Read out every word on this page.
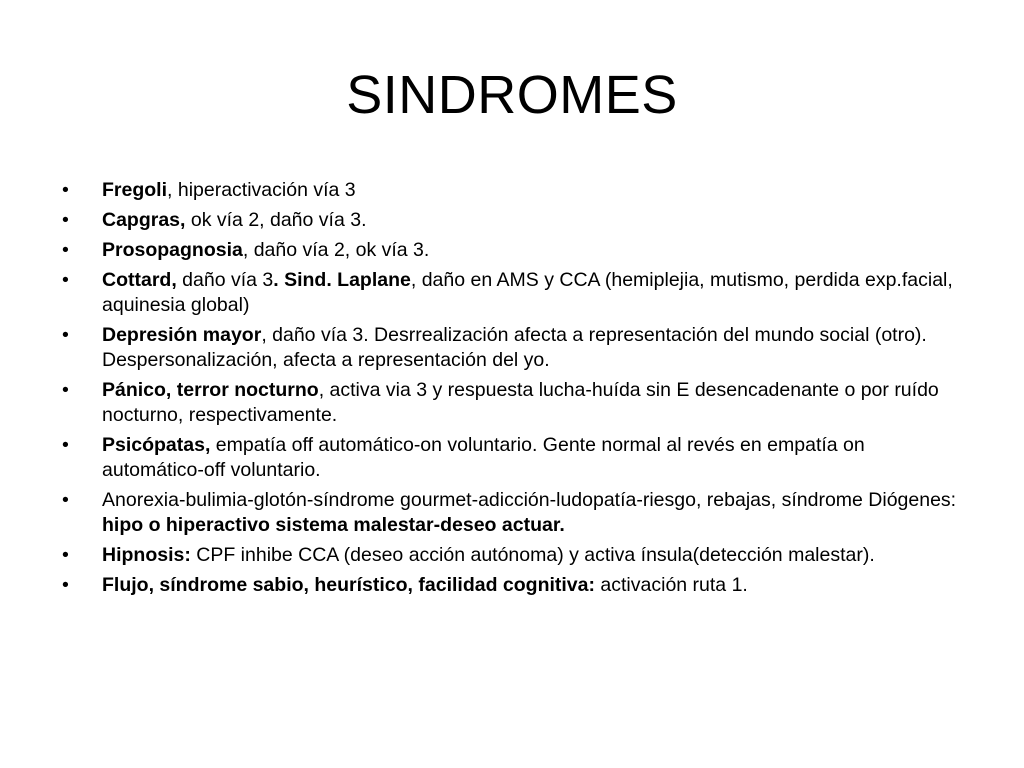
SINDROMES
•	Fregoli, hiperactivación vía 3
•	Capgras, ok vía 2, daño vía 3.
•	Prosopagnosia, daño vía 2, ok vía 3.
•	Cottard, daño vía 3. Sind. Laplane, daño en AMS y CCA (hemiplejia, mutismo, perdida exp.facial, aquinesia global)
•	Depresión mayor, daño vía 3. Desrrealización afecta a representación del mundo social (otro). Despersonalización, afecta a representación del yo.
•	Pánico, terror nocturno, activa via 3 y respuesta lucha-huída sin E desencadenante o por ruído nocturno, respectivamente.
•	Psicópatas, empatía off automático-on voluntario. Gente normal al revés en empatía on automático-off voluntario.
•	Anorexia-bulimia-glotón-síndrome gourmet-adicción-ludopatía-riesgo, rebajas, síndrome Diógenes: hipo o hiperactivo sistema malestar-deseo actuar.
•	Hipnosis: CPF inhibe CCA (deseo acción autónoma) y activa ínsula(detección malestar).
•	Flujo, síndrome sabio, heurístico, facilidad cognitiva: activación ruta 1.
